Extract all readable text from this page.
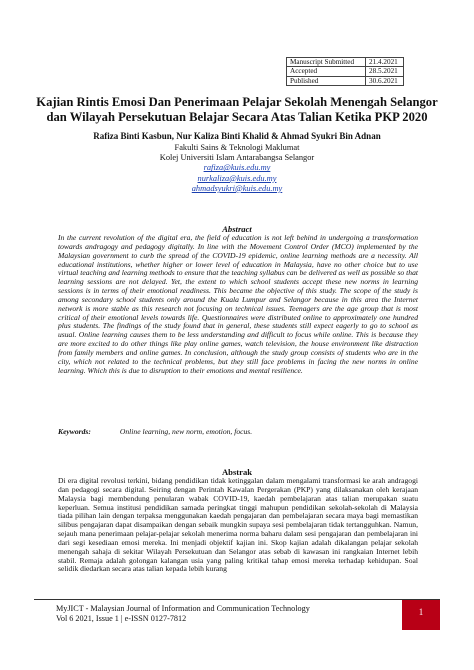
Manuscript Submitted	21.4.2021
Accepted	28.5.2021
Published	30.6.2021
Kajian Rintis Emosi Dan Penerimaan Pelajar Sekolah Menengah Selangor dan Wilayah Persekutuan Belajar Secara Atas Talian Ketika PKP 2020
Rafiza Binti Kasbun, Nur Kaliza Binti Khalid & Ahmad Syukri Bin Adnan
Fakulti Sains & Teknologi Maklumat
Kolej Universiti Islam Antarabangsa Selangor
rafiza@kuis.edu.my
nurkaliza@kuis.edu.my
ahmadsyukri@kuis.edu.my
Abstract

In the current revolution of the digital era, the field of education is not left behind in undergoing a transformation towards andragogy and pedagogy digitally. In line with the Movement Control Order (MCO) implemented by the Malaysian government to curb the spread of the COVID-19 epidemic, online learning methods are a necessity. All educational institutions, whether higher or lower level of education in Malaysia, have no other choice but to use virtual teaching and learning methods to ensure that the teaching syllabus can be delivered as well as possible so that learning sessions are not delayed. Yet, the extent to which school students accept these new norms in learning sessions is in terms of their emotional readiness. This became the objective of this study. The scope of the study is among secondary school students only around the Kuala Lumpur and Selangor because in this area the Internet network is more stable as this research not focusing on technical issues. Teenagers are the age group that is most critical of their emotional levels towards life. Questionnaires were distributed online to approximately one hundred plus students. The findings of the study found that in general, these students still expect eagerly to go to school as usual. Online learning causes them to be less understanding and difficult to focus while online. This is because they are more excited to do other things like play online games, watch television, the house environment like distraction from family members and online games. In conclusion, although the study group consists of students who are in the city, which not related to the technical problems, but they still face problems in facing the new norms in online learning. Which this is due to disruption to their emotions and mental resilience.

Keywords:	Online learning, new norm, emotion, focus.
Abstrak

Di era digital revolusi terkini, bidang pendidikan tidak ketinggalan dalam mengalami transformasi ke arah andragogi dan pedagogi secara digital. Seiring dengan Perintah Kawalan Pergerakan (PKP) yang dilaksanakan oleh kerajaan Malaysia bagi membendung penularan wabak COVID-19, kaedah pembelajaran atas talian merupakan suatu keperluan. Semua institusi pendidikan samada peringkat tinggi mahupun pendidikan sekolah-sekolah di Malaysia tiada pilihan lain dengan terpaksa menggunakan kaedah pengajaran dan pembelajaran secara maya bagi memastikan silibus pengajaran dapat disampaikan dengan sebaik mungkin supaya sesi pembelajaran tidak tertangguhkan. Namun, sejauh mana penerimaan pelajar-pelajar sekolah menerima norma baharu dalam sesi pengajaran dan pembelajaran ini dari segi kesediaan emosi mereka. Ini menjadi objektif kajian ini. Skop kajian adalah dikalangan pelajar sekolah menengah sahaja di sekitar Wilayah Persekutuan dan Selangor atas sebab di kawasan ini rangkaian Internet lebih stabil. Remaja adalah golongan kalangan usia yang paling kritikal tahap emosi mereka terhadap kehidupan. Soal selidik diedarkan secara atas talian kepada lebih kurang

MyJICT - Malaysian Journal of Information and Communication Technology
Vol 6 2021, Issue 1 | e-ISSN 0127-7812
1
